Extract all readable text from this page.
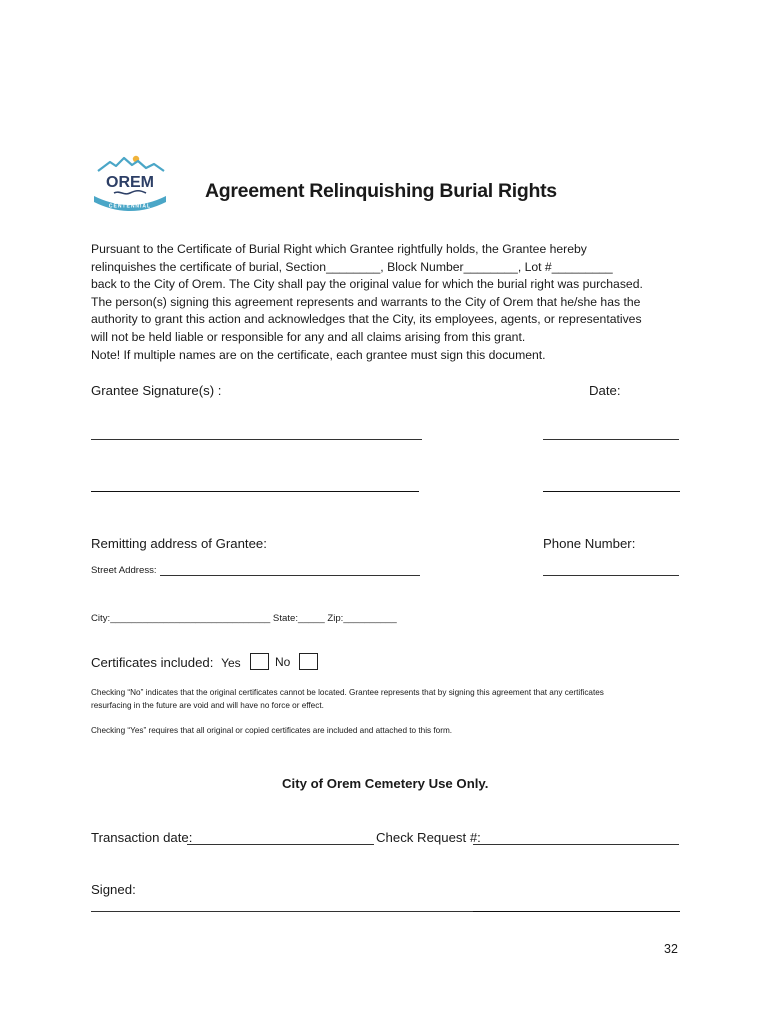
OREM
CENTENNIAL
Agreement Relinquishing Burial Rights
Pursuant to the Certificate of Burial Right which Grantee rightfully holds, the Grantee hereby
relinquishes the certificate of burial, Section________, Block Number________, Lot #_________
back to the City of Orem. The City shall pay the original value for which the burial right was purchased.
The person(s) signing this agreement represents and warrants to the City of Orem that he/she has the
authority to grant this action and acknowledges that the City, its employees, agents, or representatives
will not be held liable or responsible for any and all claims arising from this grant.
Note! If multiple names are on the certificate, each grantee must sign this document.
Grantee Signature(s) :	Date:
Remitting address of Grantee:	Phone Number:
Street Address:
City:______________________________ State:_____ Zip:__________
Certificates included: Yes	No
Checking “No” indicates that the original certificates cannot be located. Grantee represents that by signing this agreement that any certificates
resurfacing in the future are void and will have no force or effect.
Checking “Yes” requires that all original or copied certificates are included and attached to this form.
City of Orem Cemetery Use Only.
Transaction date:	Check Request #:
Signed:
32
